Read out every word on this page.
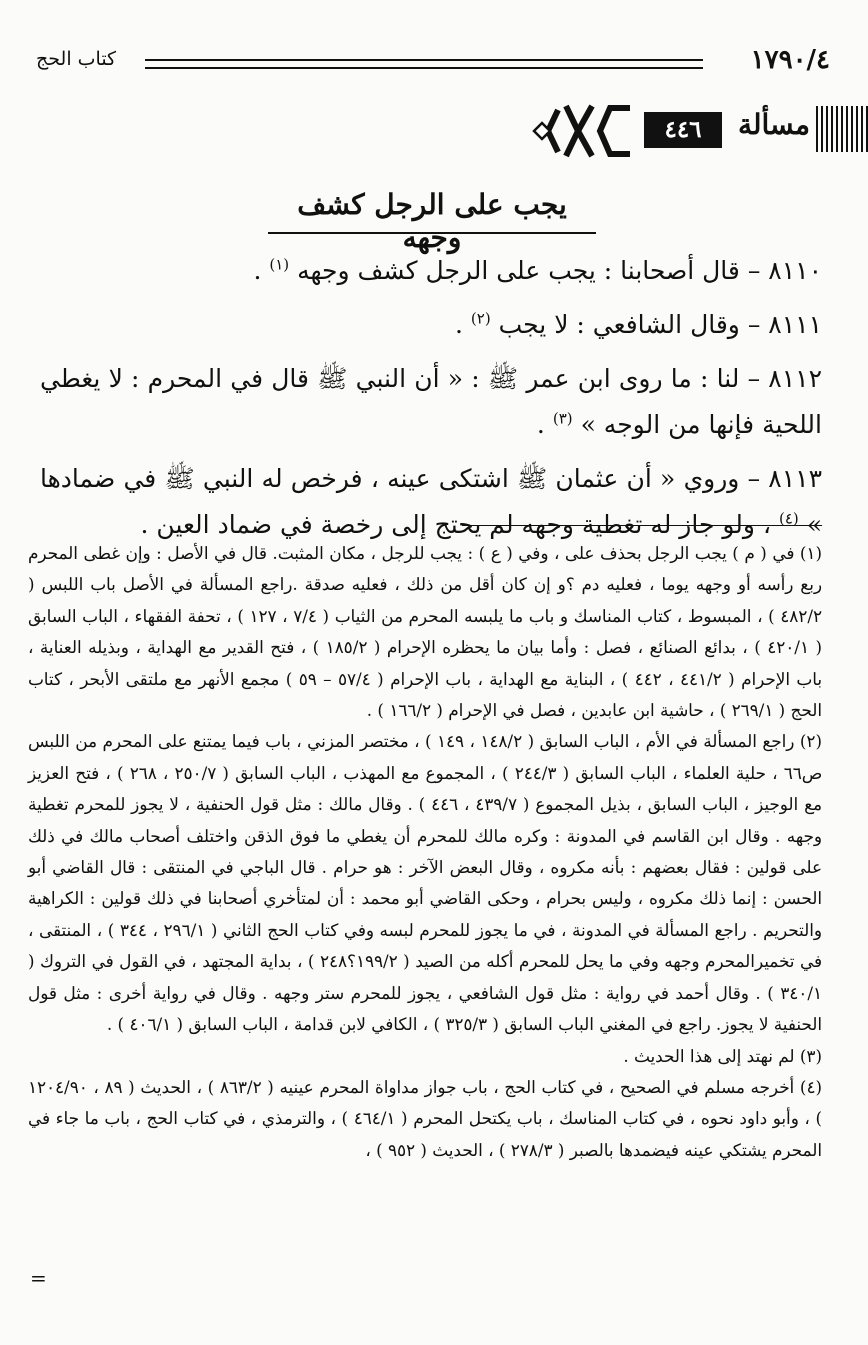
١٧٩٠/٤
كتاب الحج
مسألة
٤٤٦
يجب على الرجل كشف وجهه

٨١١٠ – قال أصحابنا : يجب على الرجل كشف وجهه $^{(١)}$ .

٨١١١ – وقال الشافعي : لا يجب $^{(٢)}$ .

٨١١٢ – لنا : ما روى ابن عمر ﷺ : « أن النبي ﷺ قال في المحرم : لا يغطي اللحية فإنها من الوجه » $^{(٣)}$ .

٨١١٣ – وروي « أن عثمان ﷺ اشتكى عينه ، فرخص له النبي ﷺ في ضمادها » $^{(٤)}$ ، ولو جاز له تغطية وجهه لم يحتج إلى رخصة في ضماد العين .

(١) في ( م ) يجب الرجل بحذف على ، وفي ( ع ) : يجب للرجل ، مكان المثبت. قال في الأصل : وإن غطى المحرم ربع رأسه أو وجهه يوما ، فعليه دم ؟و إن كان أقل من ذلك ، فعليه صدقة .راجع المسألة في الأصل باب اللبس ( ٤٨٢/٢ ) ، المبسوط ، كتاب المناسك و باب ما يلبسه المحرم من الثياب ( ٧/٤ ، ١٢٧ ) ، تحفة الفقهاء ، الباب السابق ( ٤٢٠/١ ) ، بدائع الصنائع ، فصل : وأما بيان ما يحظره الإحرام ( ١٨٥/٢ ) ، فتح القدير مع الهداية ، وبذيله العناية ، باب الإحرام ( ٤٤١/٢ ، ٤٤٢ ) ، البناية مع الهداية ، باب الإحرام ( ٥٧/٤ – ٥٩ ) مجمع الأنهر مع ملتقى الأبحر ، كتاب الحج ( ٢٦٩/١ ) ، حاشية ابن عابدين ، فصل في الإحرام ( ١٦٦/٢ ) .

(٢) راجع المسألة في الأم ، الباب السابق ( ١٤٨/٢ ، ١٤٩ ) ، مختصر المزني ، باب فيما يمتنع على المحرم من اللبس ص٦٦ ، حلية العلماء ، الباب السابق ( ٢٤٤/٣ ) ، المجموع مع المهذب ، الباب السابق ( ٢٥٠/٧ ، ٢٦٨ ) ، فتح العزيز مع الوجيز ، الباب السابق ، بذيل المجموع ( ٤٣٩/٧ ، ٤٤٦ ) . وقال مالك : مثل قول الحنفية ، لا يجوز للمحرم تغطية وجهه . وقال ابن القاسم في المدونة : وكره مالك للمحرم أن يغطي ما فوق الذقن واختلف أصحاب مالك في ذلك على قولين : فقال بعضهم : بأنه مكروه ، وقال البعض الآخر : هو حرام . قال الباجي في المنتقى : قال القاضي أبو الحسن : إنما ذلك مكروه ، وليس بحرام ، وحكى القاضي أبو محمد : أن لمتأخري أصحابنا في ذلك قولين : الكراهية والتحريم . راجع المسألة في المدونة ، في ما يجوز للمحرم لبسه وفي كتاب الحج الثاني ( ٢٩٦/١ ، ٣٤٤ ) ، المنتقى ، في تخميرالمحرم وجهه وفي ما يحل للمحرم أكله من الصيد ( ١٩٩/٢؟٢٤٨ ) ، بداية المجتهد ، في القول في التروك ( ٣٤٠/١ ) . وقال أحمد في رواية : مثل قول الشافعي ، يجوز للمحرم ستر وجهه . وقال في رواية أخرى : مثل قول الحنفية لا يجوز. راجع في المغني الباب السابق ( ٣٢٥/٣ ) ، الكافي لابن قدامة ، الباب السابق ( ٤٠٦/١ ) .

(٣) لم نهتد إلى هذا الحديث .

(٤) أخرجه مسلم في الصحيح ، في كتاب الحج ، باب جواز مداواة المحرم عينيه ( ٨٦٣/٢ ) ، الحديث ( ٨٩ ، ١٢٠٤/٩٠ ) ، وأبو داود نحوه ، في كتاب المناسك ، باب يكتحل المحرم ( ٤٦٤/١ ) ، والترمذي ، في كتاب الحج ، باب ما جاء في المحرم يشتكي عينه فيضمدها بالصبر ( ٢٧٨/٣ ) ، الحديث ( ٩٥٢ ) ،

=
